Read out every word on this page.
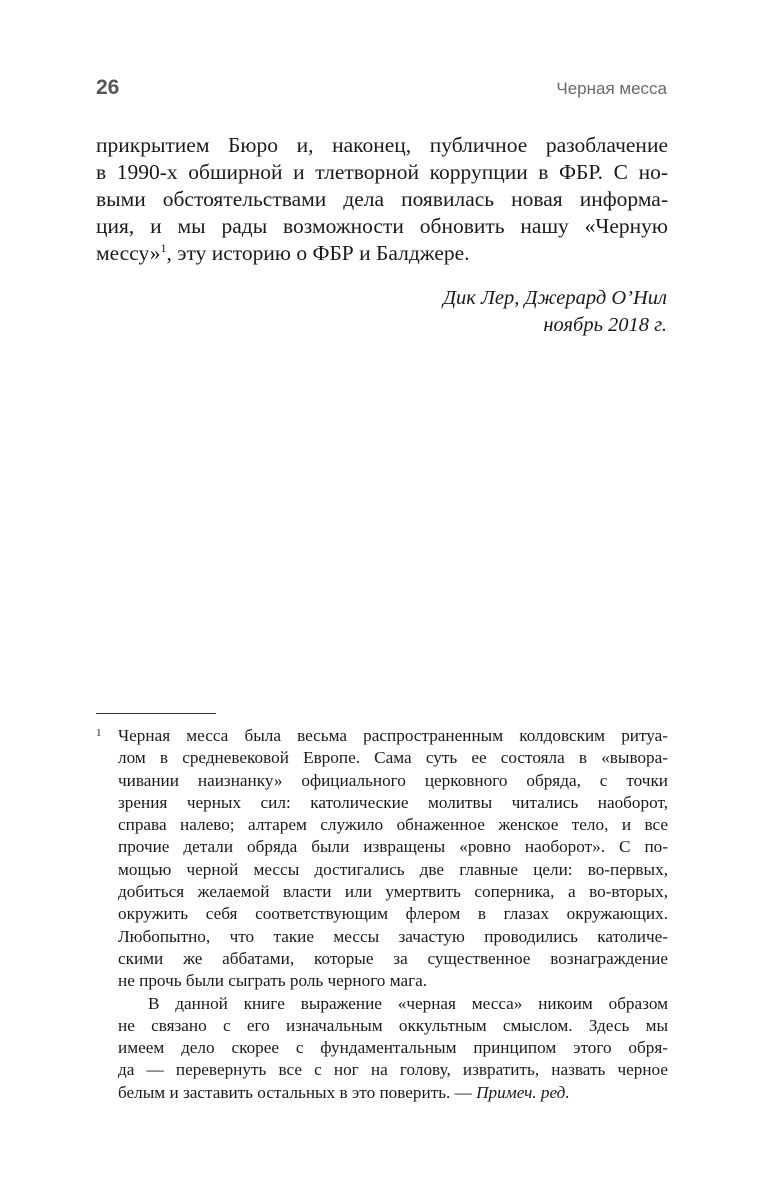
26	Черная месса
прикрытием Бюро и, наконец, публичное разоблачение
в 1990-х обширной и тлетворной коррупции в ФБР. С но-
выми обстоятельствами дела появилась новая информа-
ция, и мы рады возможности обновить нашу «Черную
мессу»$^1$, эту историю о ФБР и Балджере.
Дик Лер, Джерард О’Нил
ноябрь 2018 г.
1 Черная месса была весьма распространенным колдовским ритуа-
лом в средневековой Европе. Сама суть ее состояла в «вывора-
чивании наизнанку» официального церковного обряда, с точки
зрения черных сил: католические молитвы читались наоборот,
справа налево; алтарем служило обнаженное женское тело, и все
прочие детали обряда были извращены «ровно наоборот». С по-
мощью черной мессы достигались две главные цели: во-первых,
добиться желаемой власти или умертвить соперника, а во-вторых,
окружить себя соответствующим флером в глазах окружающих.
Любопытно, что такие мессы зачастую проводились католиче-
скими же аббатами, которые за существенное вознаграждение
не прочь были сыграть роль черного мага.
В данной книге выражение «черная месса» никоим образом
не связано с его изначальным оккультным смыслом. Здесь мы
имеем дело скорее с фундаментальным принципом этого обря-
да — перевернуть все с ног на голову, извратить, назвать черное
белым и заставить остальных в это поверить. — Примеч. ред.
